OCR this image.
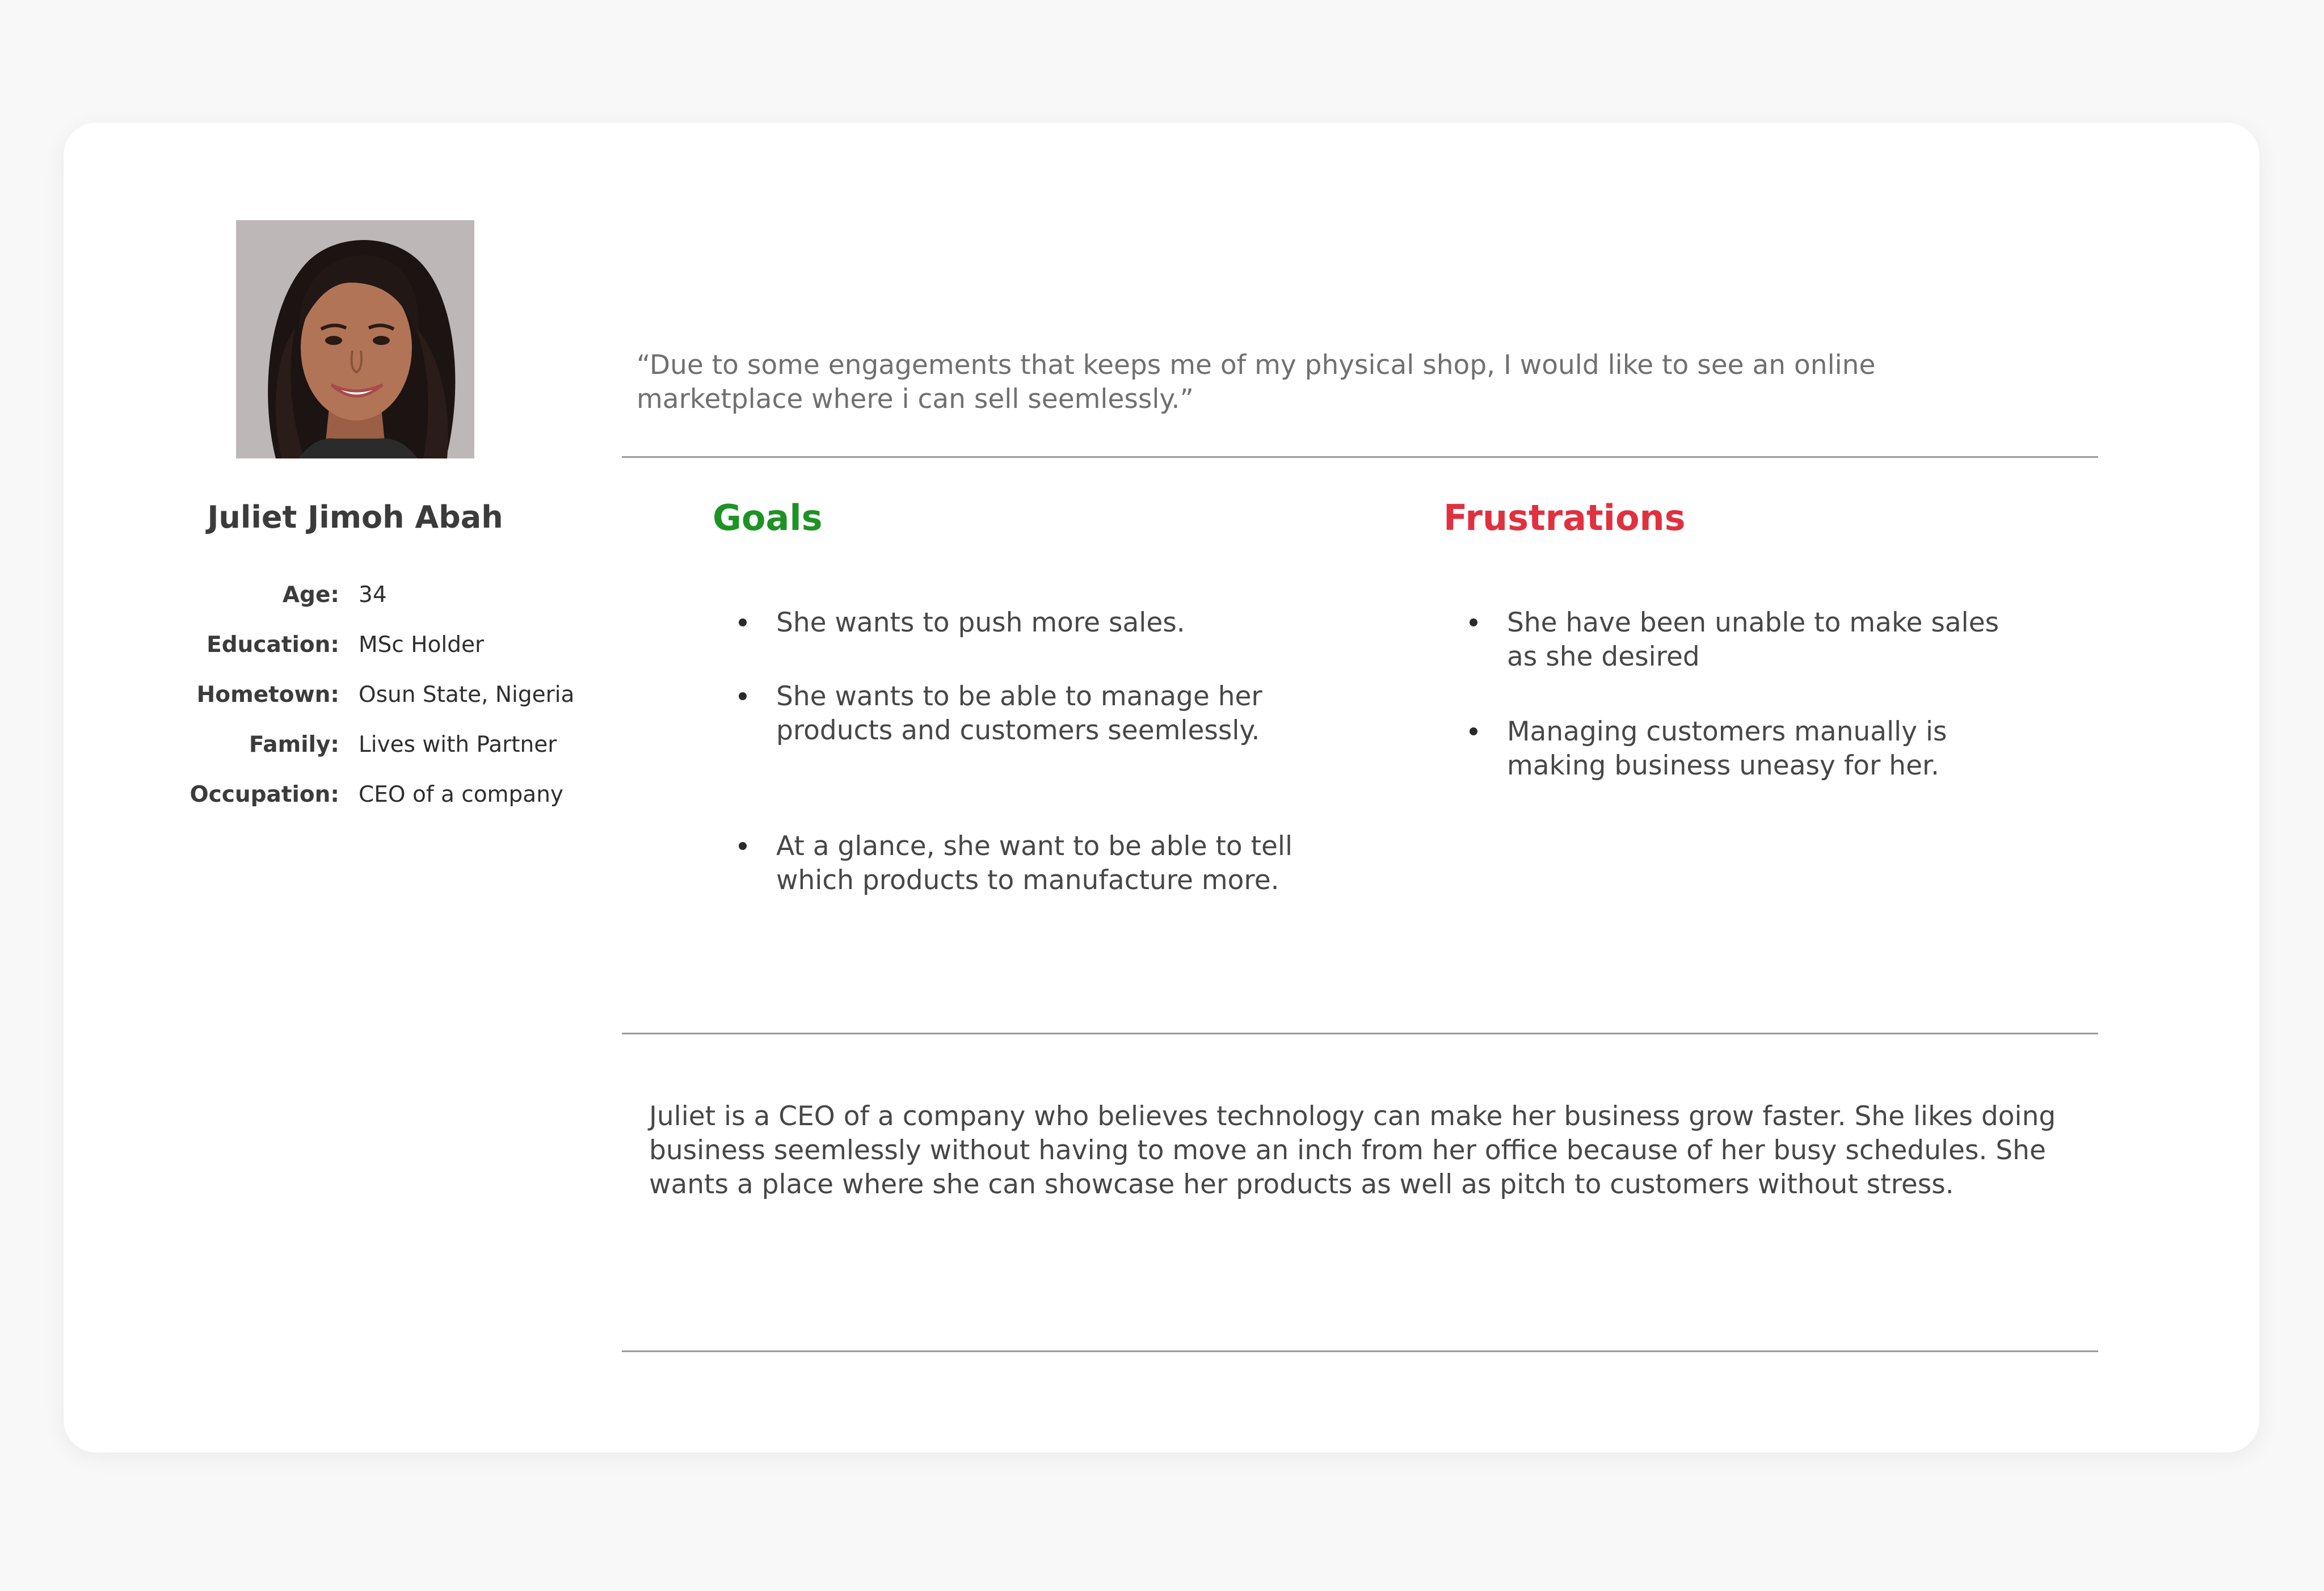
Juliet Jimoh Abah
Age: 34
Education: MSc Holder
Hometown: Osun State, Nigeria
Family: Lives with Partner
Occupation: CEO of a company
“Due to some engagements that keeps me of my physical shop, I would like to see an online marketplace where i can sell seemlessly.”
Goals	Frustrations
She wants to push more sales.
She wants to be able to manage her products and customers seemlessly.
At a glance, she want to be able to tell which products to manufacture more.
She have been unable to make sales as she desired
Managing customers manually is making business uneasy for her.
Juliet is a CEO of a company who believes technology can make her business grow faster. She likes doing business seemlessly without having to move an inch from her office because of her busy schedules. She wants a place where she can showcase her products as well as pitch to customers without stress.
